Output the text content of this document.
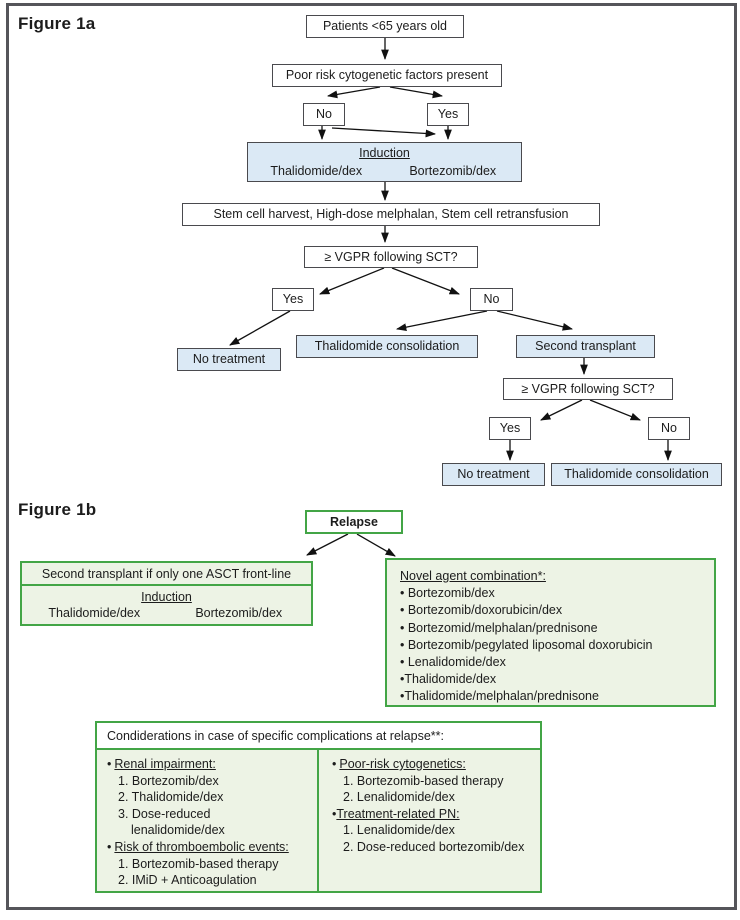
Figure 1a	Patients <65 years old
Poor risk cytogenetic factors present
No	Yes
Induction
Thalidomide/dex	Bortezomib/dex
Stem cell harvest, High-dose melphalan, Stem cell retransfusion
≥ VGPR following SCT?
Yes	No
No treatment
Thalidomide consolidation	Second transplant
≥ VGPR following SCT?
Yes	No
No treatment	Thalidomide consolidation
Figure 1b
Relapse
Second transplant if only one ASCT front-line
Induction
Thalidomide/dex	Bortezomib/dex
Novel agent combination*:
• Bortezomib/dex
• Bortezomib/doxorubicin/dex
• Bortezomid/melphalan/prednisone
• Bortezomib/pegylated liposomal doxorubicin
• Lenalidomide/dex
•Thalidomide/dex
•Thalidomide/melphalan/prednisone
Condiderations in case of specific complications at relapse**:
• Renal impairment:
1. Bortezomib/dex
2. Thalidomide/dex
3. Dose-reduced
lenalidomide/dex
• Risk of thromboembolic events:
1. Bortezomib-based therapy
2. IMiD + Anticoagulation
• Poor-risk cytogenetics:
1. Bortezomib-based therapy
2. Lenalidomide/dex
•Treatment-related PN:
1. Lenalidomide/dex
2. Dose-reduced bortezomib/dex
